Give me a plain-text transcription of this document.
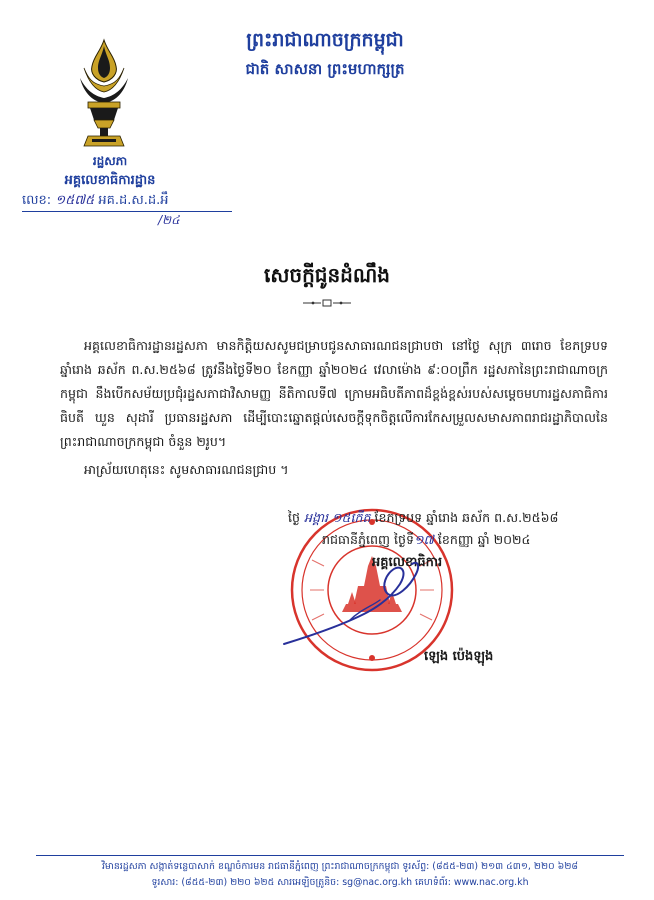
ព្រះរាជាណាចក្រកម្ពុជា
ជាតិ សាសនា ព្រះមហាក្សត្រ
រដ្ឋសភា
អគ្គលេខាធិការដ្ឋាន
លេខ: ១៥៧៥ អគ.ដ.ស.ដ.អឹ
/២៤
សេចក្តីជូនដំណឹង
អគ្គលេខាធិការដ្ឋានរដ្ឋសភា មានកិត្តិយសសូមជម្រាបជូនសាធារណជនជ្រាបថា នៅថ្ងៃ សុក្រ ៣រោច ខែភទ្របទ ឆ្នាំរោង ឆស័ក ព.ស.២៥៦៨ ត្រូវនឹងថ្ងៃទី២០ ខែកញ្ញា ឆ្នាំ២០២៤ វេលាម៉ោង ៩:០០ព្រឹក រដ្ឋសភានៃព្រះរាជាណាចក្រកម្ពុជា នឹងបើកសម័យប្រជុំរដ្ឋសភាជាវិសាមញ្ញ នីតិកាលទី៧ ក្រោមអធិបតីភាពដ៏ខ្ពង់ខ្ពស់របស់សម្តេចមហារដ្ឋសភាធិការធិបតី ឃួន សុដារី ប្រធានរដ្ឋសភា ដើម្បីបោះឆ្នោតផ្តល់សេចក្តីទុកចិត្តលើការកែសម្រួលសមាសភាពរាជរដ្ឋាភិបាលនៃព្រះរាជាណាចក្រកម្ពុជា ចំនួន ២រូប។
អាស្រ័យហេតុនេះ សូមសាធារណជនជ្រាប ។
ថ្ងៃ អង្គារ ១៥កើត ខែភទ្របទ ឆ្នាំរោង ឆស័ក ព.ស.២៥៦៨
រាជធានីភ្នំពេញ ថ្ងៃទី១៧ ខែកញ្ញា ឆ្នាំ ២០២៤
អគ្គលេខាធិការ
ឡេង ប៉េងឡុង
វិមានរដ្ឋសភា សង្កាត់ទន្លេបាសាក់ ខណ្ឌចំការមន រាជធានីភ្នំពេញ ព្រះរាជាណាចក្រកម្ពុជា ទូរស័ព្ទ: (៨៥៥-២៣) ២១៣ ៤៣១, ២២០ ៦២៨
ទូរសារ: (៨៥៥-២៣) ២២០ ៦២៥ សារអេឡិចត្រូនិច: sg@nac.org.kh គេហទំព័រ: www.nac.org.kh
